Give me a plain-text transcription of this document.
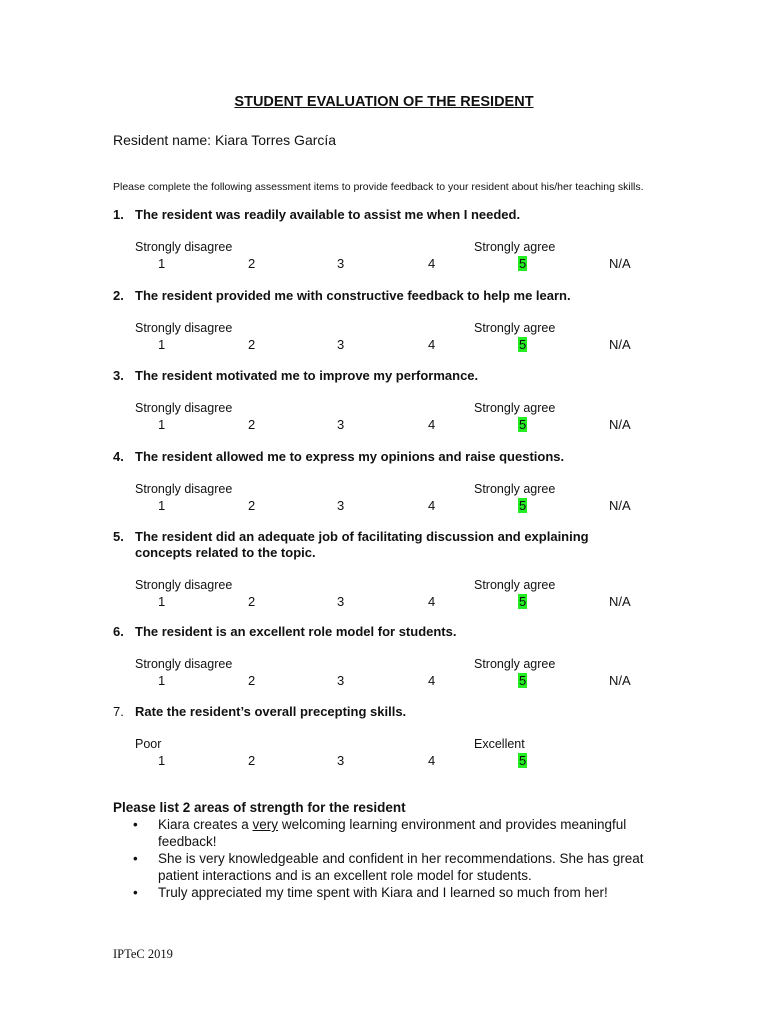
STUDENT EVALUATION OF THE RESIDENT
Resident name: Kiara Torres García
Please complete the following assessment items to provide feedback to your resident about his/her teaching skills.
1. The resident was readily available to assist me when I needed.
Strongly disagree	Strongly agree
1	2	3	4	5	N/A
2. The resident provided me with constructive feedback to help me learn.
Strongly disagree	Strongly agree
1	2	3	4	5	N/A
3. The resident motivated me to improve my performance.
Strongly disagree	Strongly agree
1	2	3	4	5	N/A
4. The resident allowed me to express my opinions and raise questions.
Strongly disagree	Strongly agree
1	2	3	4	5	N/A
5. The resident did an adequate job of facilitating discussion and explaining concepts related to the topic.
Strongly disagree	Strongly agree
1	2	3	4	5	N/A
6. The resident is an excellent role model for students.
Strongly disagree	Strongly agree
1	2	3	4	5	N/A
7. Rate the resident’s overall precepting skills.
Poor	Excellent
1	2	3	4	5
Please list 2 areas of strength for the resident
• Kiara creates a very welcoming learning environment and provides meaningful feedback!
• She is very knowledgeable and confident in her recommendations. She has great patient interactions and is an excellent role model for students.
• Truly appreciated my time spent with Kiara and I learned so much from her!
IPTeC 2019
